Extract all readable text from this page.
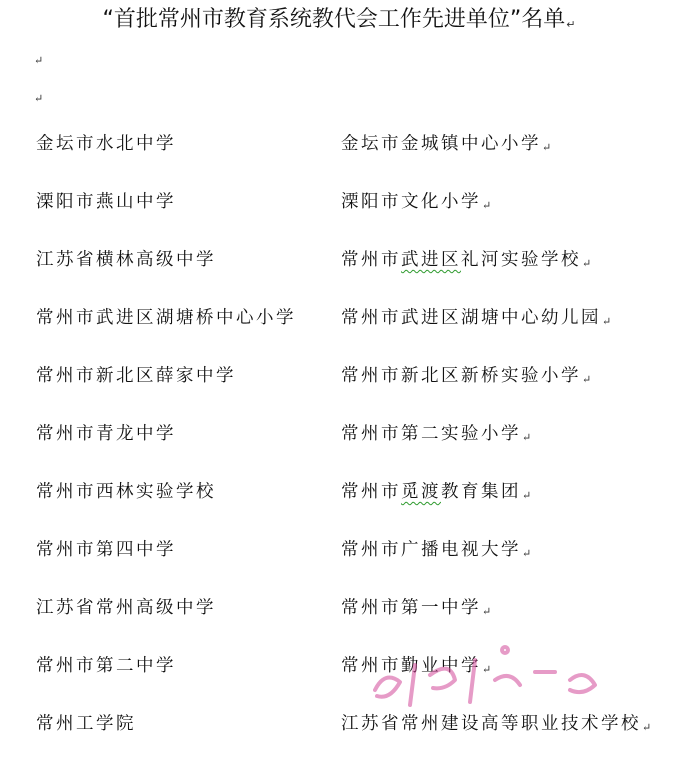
“首批常州市教育系统教代会工作先进单位”名单↵
↵
↵
金坛市水北中学	金坛市金城镇中心小学↵
溧阳市燕山中学	溧阳市文化小学↵
江苏省横林高级中学	常州市武进区礼河实验学校↵
常州市武进区湖塘桥中心小学	常州市武进区湖塘中心幼儿园↵
常州市新北区薛家中学	常州市新北区新桥实验小学↵
常州市青龙中学	常州市第二实验小学↵
常州市西林实验学校	常州市觅渡教育集团↵
常州市第四中学	常州市广播电视大学↵
江苏省常州高级中学	常州市第一中学↵
常州市第二中学	常州市勤业中学↵
常州工学院	江苏省常州建设高等职业技术学校↵
